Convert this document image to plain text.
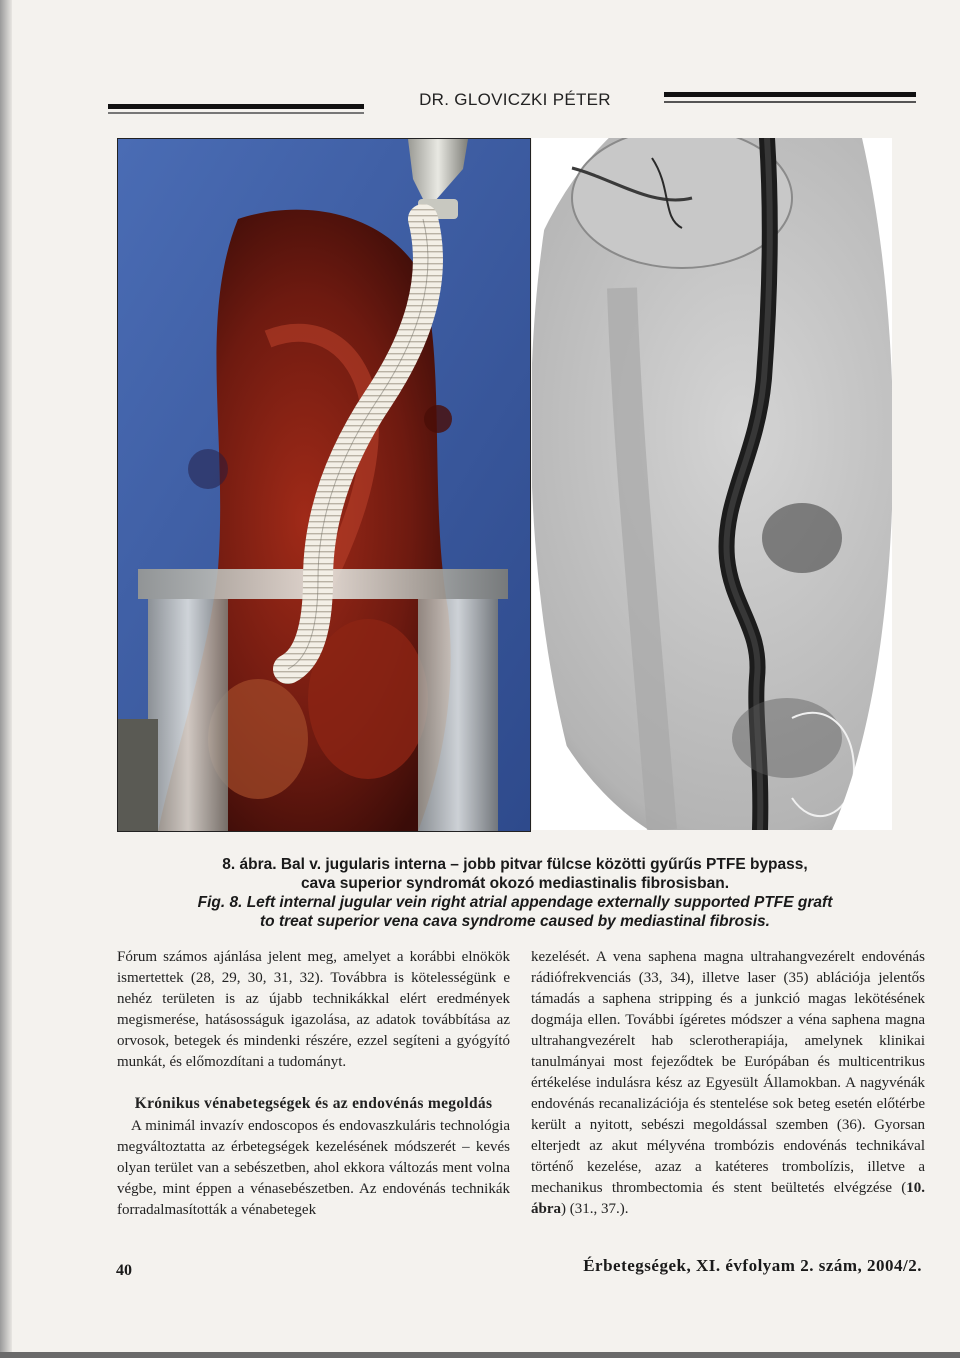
DR. GLOVICZKI PÉTER
8. ábra. Bal v. jugularis interna – jobb pitvar fülcse közötti gyűrűs PTFE bypass,
cava superior syndromát okozó mediastinalis fibrosisban.
Fig. 8. Left internal jugular vein right atrial appendage externally supported PTFE graft
to treat superior vena cava syndrome caused by mediastinal fibrosis.

Fórum számos ajánlása jelent meg, amelyet a korábbi elnökök ismertettek (28, 29, 30, 31, 32). Továbbra is kötelességünk e nehéz területen is az újabb technikákkal elért eredmények megismerése, hatásosságuk igazolása, az adatok továbbítása az orvosok, betegek és mindenki részére, ezzel segíteni a gyógyító munkát, és előmozdítani a tudományt.

Krónikus vénabetegségek és az endovénás megoldás

A minimál invazív endoscopos és endovaszkuláris technológia megváltoztatta az érbetegségek kezelésének módszerét – kevés olyan terület van a sebészetben, ahol ekkora változás ment volna végbe, mint éppen a vénasebészetben. Az endovénás technikák forradalmasították a vénabetegek

kezelését. A vena saphena magna ultrahangvezérelt endovénás rádiófrekvenciás (33, 34), illetve laser (35) ablációja jelentős támadás a saphena stripping és a junkció magas lekötésének dogmája ellen. További ígéretes módszer a véna saphena magna ultrahangvezérelt hab sclerotherapiája, amelynek klinikai tanulmányai most fejeződtek be Európában és multicentrikus értékelése indulásra kész az Egyesült Államokban. A nagyvénák endovénás recanalizációja és stentelése sok beteg esetén előtérbe került a nyitott, sebészi megoldással szemben (36). Gyorsan elterjedt az akut mélyvéna trombózis endovénás technikával történő kezelése, azaz a katéteres trombolízis, illetve a mechanikus thrombectomia és stent beültetés elvégzése (10. ábra) (31., 37.).

40	Érbetegségek, XI. évfolyam 2. szám, 2004/2.
